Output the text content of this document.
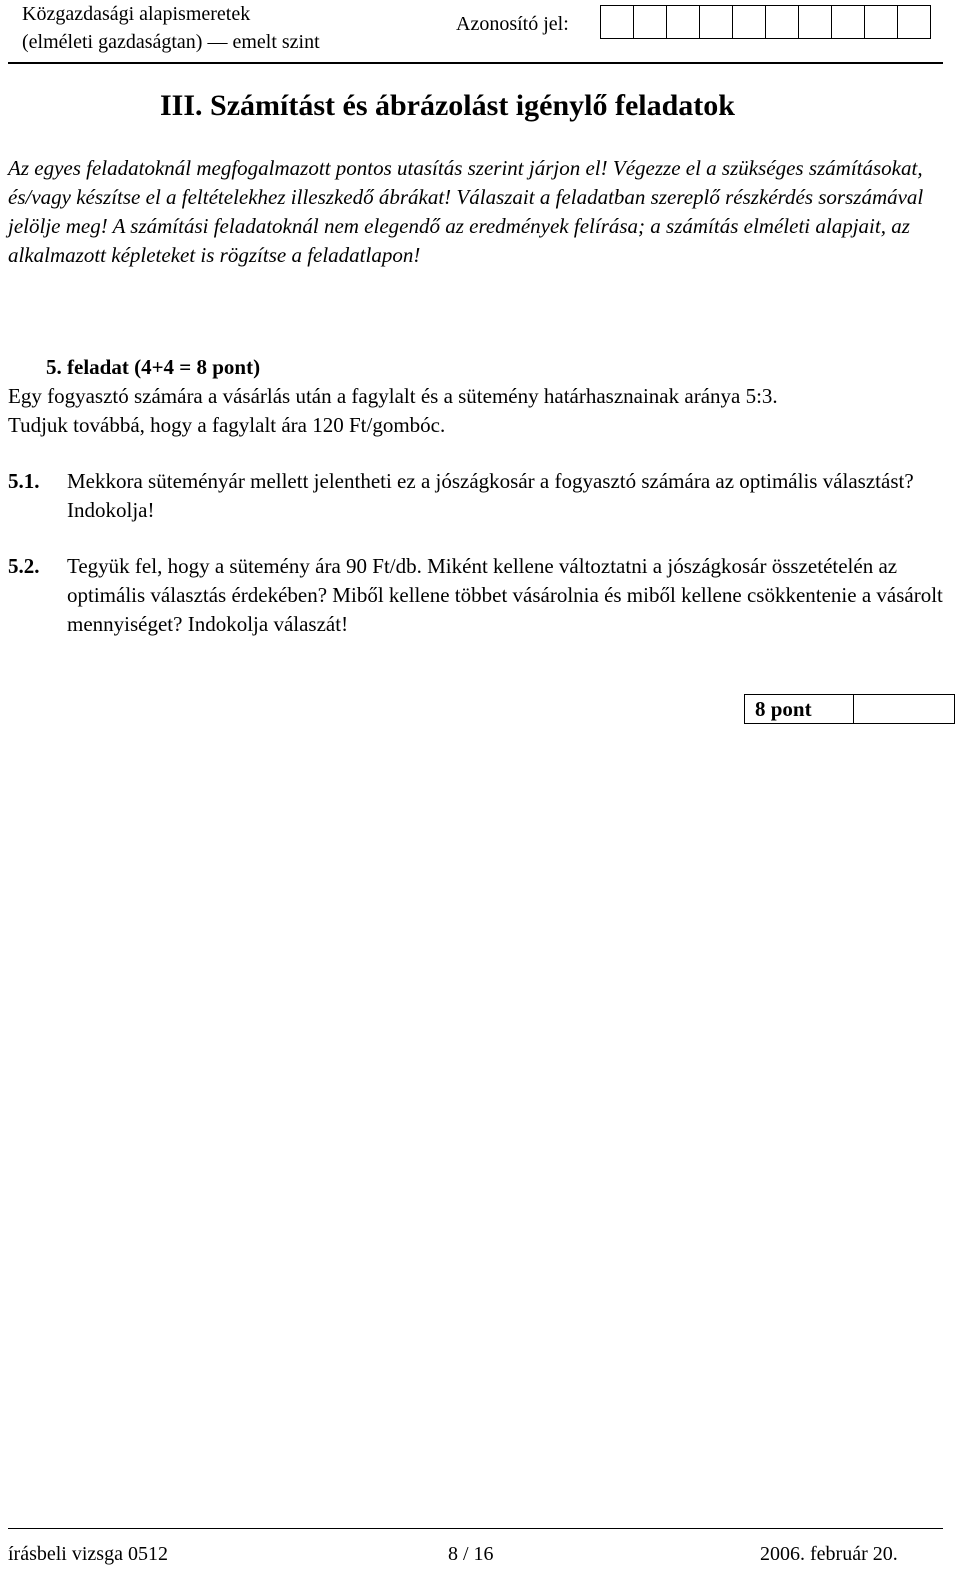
Közgazdasági alapismeretek
(elméleti gazdaságtan) — emelt szint
Azonosító jel:
III. Számítást és ábrázolást igénylő feladatok
Az egyes feladatoknál megfogalmazott pontos utasítás szerint járjon el! Végezze el a szükséges számításokat, és/vagy készítse el a feltételekhez illeszkedő ábrákat! Válaszait a feladatban szereplő részkérdés sorszámával jelölje meg! A számítási feladatoknál nem elegendő az eredmények felírása; a számítás elméleti alapjait, az alkalmazott képleteket is rögzítse a feladatlapon!
5. feladat (4+4 = 8 pont)
Egy fogyasztó számára a vásárlás után a fagylalt és a sütemény határhasznainak aránya 5:3.
Tudjuk továbbá, hogy a fagylalt ára 120 Ft/gombóc.
5.1. Mekkora süteményár mellett jelentheti ez a jószágkosár a fogyasztó számára az optimális választást? Indokolja!
5.2. Tegyük fel, hogy a sütemény ára 90 Ft/db. Miként kellene változtatni a jószágkosár összetételén az optimális választás érdekében? Miből kellene többet vásárolnia és miből kellene csökkentenie a vásárolt mennyiséget? Indokolja válaszát!
8 pont
írásbeli vizsga 0512	8 / 16	2006. február 20.
